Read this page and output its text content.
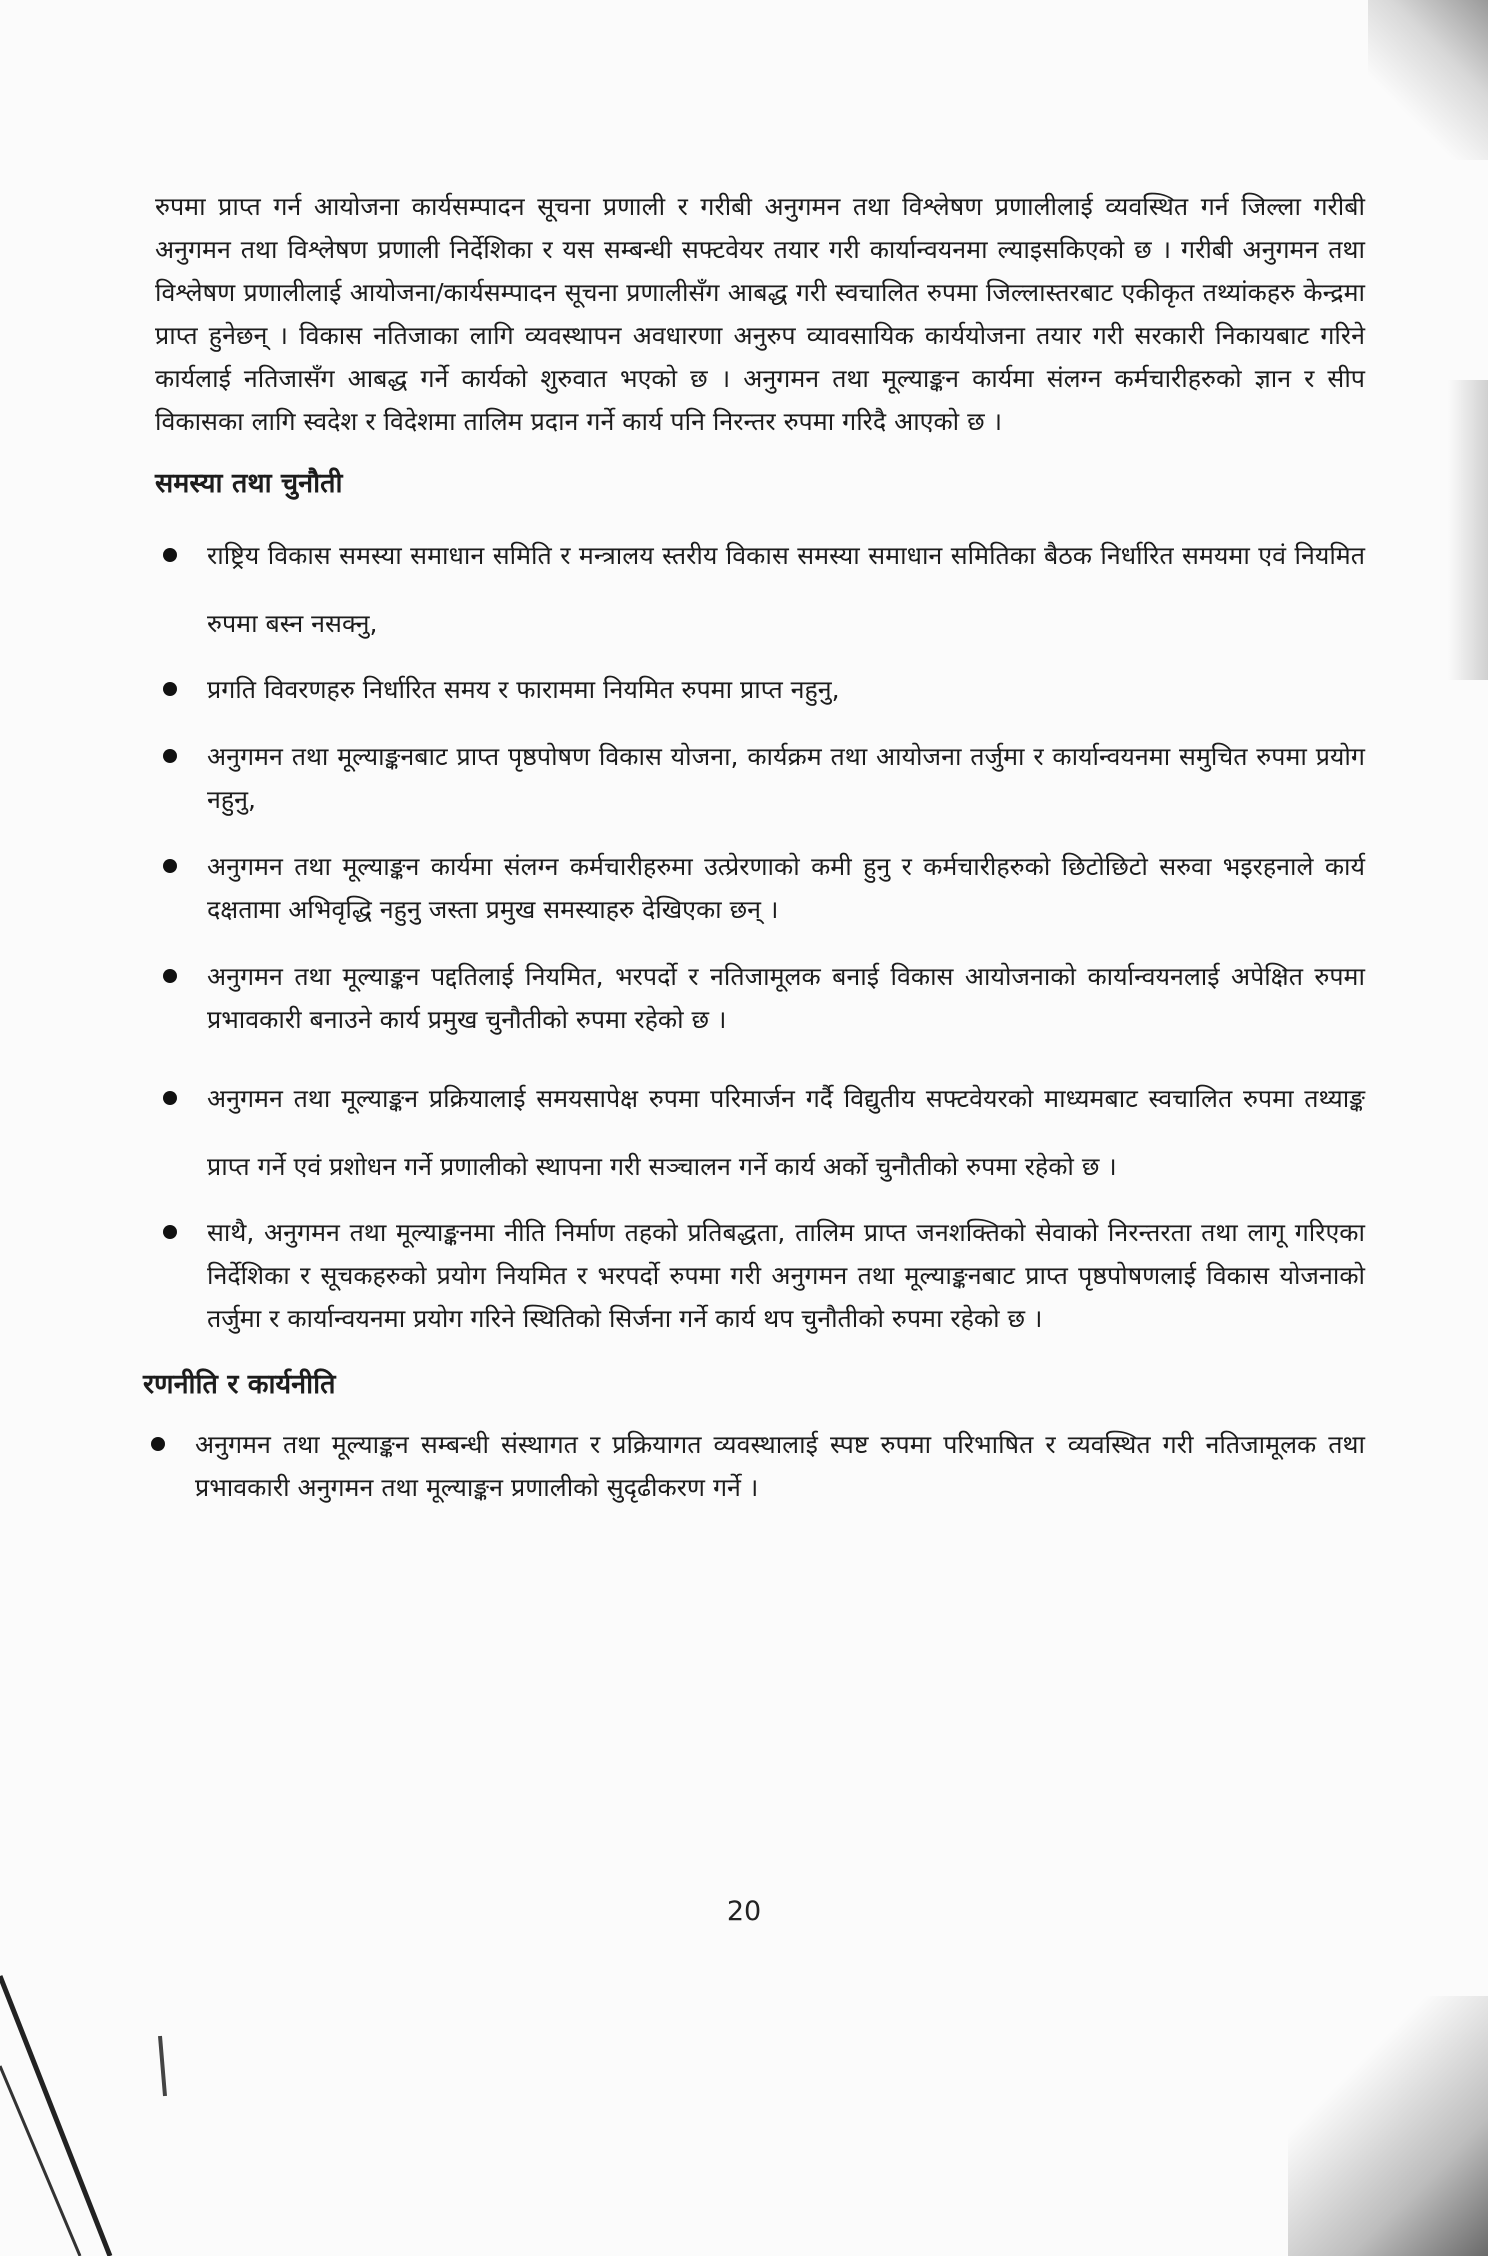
रुपमा प्राप्त गर्न आयोजना कार्यसम्पादन सूचना प्रणाली र गरीबी अनुगमन तथा विश्लेषण प्रणालीलाई व्यवस्थित गर्न जिल्ला गरीबी अनुगमन तथा विश्लेषण प्रणाली निर्देशिका र यस सम्बन्धी सफ्टवेयर तयार गरी कार्यान्वयनमा ल्याइसकिएको छ । गरीबी अनुगमन तथा विश्लेषण प्रणालीलाई आयोजना/कार्यसम्पादन सूचना प्रणालीसँग आबद्ध गरी स्वचालित रुपमा जिल्लास्तरबाट एकीकृत तथ्यांकहरु केन्द्रमा प्राप्त हुनेछन् । विकास नतिजाका लागि व्यवस्थापन अवधारणा अनुरुप व्यावसायिक कार्ययोजना तयार गरी सरकारी निकायबाट गरिने कार्यलाई नतिजासँग आबद्ध गर्ने कार्यको शुरुवात भएको छ । अनुगमन तथा मूल्याङ्कन कार्यमा संलग्न कर्मचारीहरुको ज्ञान र सीप विकासका लागि स्वदेश र विदेशमा तालिम प्रदान गर्ने कार्य पनि निरन्तर रुपमा गरिदै आएको छ ।

समस्या तथा चुनौती
राष्ट्रिय विकास समस्या समाधान समिति र मन्त्रालय स्तरीय विकास समस्या समाधान समितिका बैठक निर्धारित समयमा एवं नियमित रुपमा बस्न नसक्नु,
प्रगति विवरणहरु निर्धारित समय र फाराममा नियमित रुपमा प्राप्त नहुनु,
अनुगमन तथा मूल्याङ्कनबाट प्राप्त पृष्ठपोषण विकास योजना, कार्यक्रम तथा आयोजना तर्जुमा र कार्यान्वयनमा समुचित रुपमा प्रयोग नहुनु,
अनुगमन तथा मूल्याङ्कन कार्यमा संलग्न कर्मचारीहरुमा उत्प्रेरणाको कमी हुनु र कर्मचारीहरुको छिटोछिटो सरुवा भइरहनाले कार्य दक्षतामा अभिवृद्धि नहुनु जस्ता प्रमुख समस्याहरु देखिएका छन् ।
अनुगमन तथा मूल्याङ्कन पद्दतिलाई नियमित, भरपर्दो र नतिजामूलक बनाई विकास आयोजनाको कार्यान्वयनलाई अपेक्षित रुपमा प्रभावकारी बनाउने कार्य प्रमुख चुनौतीको रुपमा रहेको छ ।
अनुगमन तथा मूल्याङ्कन प्रक्रियालाई समयसापेक्ष रुपमा परिमार्जन गर्दै विद्युतीय सफ्टवेयरको माध्यमबाट स्वचालित रुपमा तथ्याङ्क प्राप्त गर्ने एवं प्रशोधन गर्ने प्रणालीको स्थापना गरी सञ्चालन गर्ने कार्य अर्को चुनौतीको रुपमा रहेको छ ।
साथै, अनुगमन तथा मूल्याङ्कनमा नीति निर्माण तहको प्रतिबद्धता, तालिम प्राप्त जनशक्तिको सेवाको निरन्तरता तथा लागू गरिएका निर्देशिका र सूचकहरुको प्रयोग नियमित र भरपर्दो रुपमा गरी अनुगमन तथा मूल्याङ्कनबाट प्राप्त पृष्ठपोषणलाई विकास योजनाको तर्जुमा र कार्यान्वयनमा प्रयोग गरिने स्थितिको सिर्जना गर्ने कार्य थप चुनौतीको रुपमा रहेको छ ।
रणनीति र कार्यनीति
अनुगमन तथा मूल्याङ्कन सम्बन्धी संस्थागत र प्रक्रियागत व्यवस्थालाई स्पष्ट रुपमा परिभाषित र व्यवस्थित गरी नतिजामूलक तथा प्रभावकारी अनुगमन तथा मूल्याङ्कन प्रणालीको सुदृढीकरण गर्ने ।
20
